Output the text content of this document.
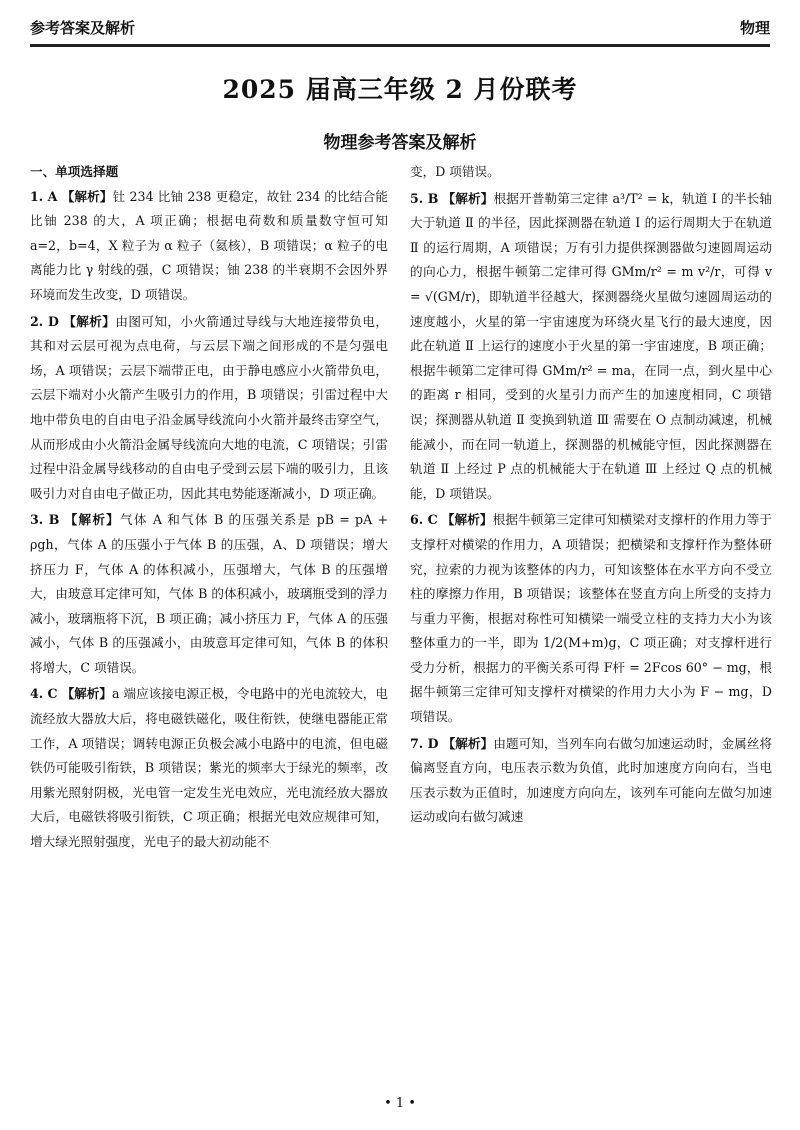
参考答案及解析	物理
2025 届高三年级 2 月份联考
物理参考答案及解析
一、单项选择题

1. A 【解析】钍 234 比铀 238 更稳定，故钍 234 的比结合能比铀 238 的大，A 项正确；根据电荷数和质量数守恒可知 a=2，b=4，X 粒子为 α 粒子（氦核），B 项错误；α 粒子的电离能力比 γ 射线的强，C 项错误；铀 238 的半衰期不会因外界环境而发生改变，D 项错误。

2. D 【解析】由图可知，小火箭通过导线与大地连接带负电，其和对云层可视为点电荷，与云层下端之间形成的不是匀强电场，A 项错误；云层下端带正电，由于静电感应小火箭带负电，云层下端对小火箭产生吸引力的作用，B 项错误；引雷过程中大地中带负电的自由电子沿金属导线流向小火箭并最终击穿空气，从而形成由小火箭沿金属导线流向大地的电流，C 项错误；引雷过程中沿金属导线移动的自由电子受到云层下端的吸引力，且该吸引力对自由电子做正功，因此其电势能逐渐减小，D 项正确。

3. B 【解析】气体 A 和气体 B 的压强关系是 pB = pA + ρgh，气体 A 的压强小于气体 B 的压强，A、D 项错误；增大挤压力 F，气体 A 的体积减小，压强增大，气体 B 的压强增大，由玻意耳定律可知，气体 B 的体积减小，玻璃瓶受到的浮力减小，玻璃瓶将下沉，B 项正确；减小挤压力 F，气体 A 的压强减小，气体 B 的压强减小，由玻意耳定律可知，气体 B 的体积将增大，C 项错误。

4. C 【解析】a 端应该接电源正极，令电路中的光电流较大，电流经放大器放大后，将电磁铁磁化，吸住衔铁，使继电器能正常工作，A 项错误；调转电源正负极会减小电路中的电流，但电磁铁仍可能吸引衔铁，B 项错误；紫光的频率大于绿光的频率，改用紫光照射阴极，光电管一定发生光电效应，光电流经放大器放大后，电磁铁将吸引衔铁，C 项正确；根据光电效应规律可知，增大绿光照射强度，光电子的最大初动能不

变，D 项错误。

5. B 【解析】根据开普勒第三定律 a³/T² = k，轨道 Ⅰ 的半长轴大于轨道 Ⅱ 的半径，因此探测器在轨道 Ⅰ 的运行周期大于在轨道 Ⅱ 的运行周期，A 项错误；万有引力提供探测器做匀速圆周运动的向心力，根据牛顿第二定律可得 GMm/r² = m v²/r，可得 v = √(GM/r)，即轨道半径越大，探测器绕火星做匀速圆周运动的速度越小，火星的第一宇宙速度为环绕火星飞行的最大速度，因此在轨道 Ⅱ 上运行的速度小于火星的第一宇宙速度，B 项正确；根据牛顿第二定律可得 GMm/r² = ma，在同一点，到火星中心的距离 r 相同，受到的火星引力而产生的加速度相同，C 项错误；探测器从轨道 Ⅱ 变换到轨道 Ⅲ 需要在 O 点制动减速，机械能减小，而在同一轨道上，探测器的机械能守恒，因此探测器在轨道 Ⅱ 上经过 P 点的机械能大于在轨道 Ⅲ 上经过 Q 点的机械能，D 项错误。

6. C 【解析】根据牛顿第三定律可知横梁对支撑杆的作用力等于支撑杆对横梁的作用力，A 项错误；把横梁和支撑杆作为整体研究，拉索的力视为该整体的内力，可知该整体在水平方向不受立柱的摩擦力作用，B 项错误；该整体在竖直方向上所受的支持力与重力平衡，根据对称性可知横梁一端受立柱的支持力大小为该整体重力的一半，即为 1/2(M+m)g，C 项正确；对支撑杆进行受力分析，根据力的平衡关系可得 F杆 = 2Fcos 60° − mg，根据牛顿第三定律可知支撑杆对横梁的作用力大小为 F − mg，D 项错误。

7. D 【解析】由题可知，当列车向右做匀加速运动时，金属丝将偏离竖直方向，电压表示数为负值，此时加速度方向向右，当电压表示数为正值时，加速度方向向左，该列车可能向左做匀加速运动或向右做匀减速

• 1 •
